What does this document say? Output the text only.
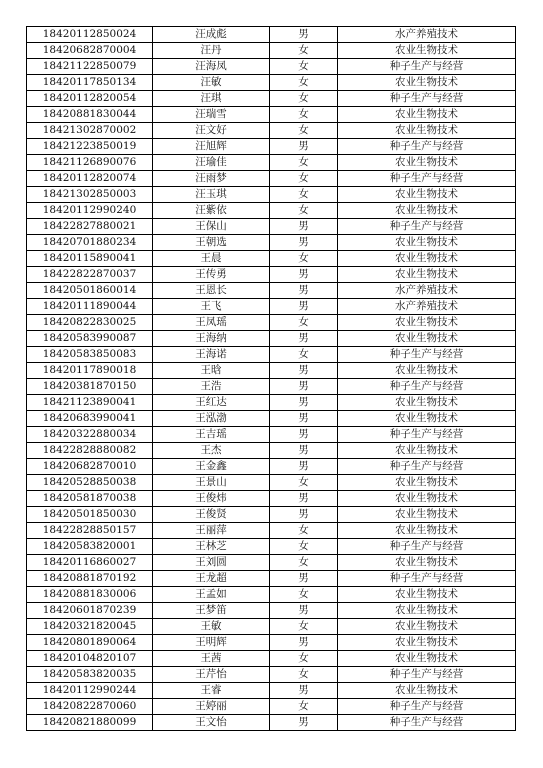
18420112850024	汪成彪	男	水产养殖技术
18420682870004	汪丹	女	农业生物技术
18421122850079	汪海凤	女	种子生产与经营
18420117850134	汪敏	女	农业生物技术
18420112820054	汪琪	女	种子生产与经营
18420881830044	汪瑞雪	女	农业生物技术
18421302870002	汪文好	女	农业生物技术
18421223850019	汪旭辉	男	种子生产与经营
18421126890076	汪瑜佳	女	农业生物技术
18420112820074	汪雨梦	女	种子生产与经营
18421302850003	汪玉琪	女	农业生物技术
18420112990240	汪紫依	女	农业生物技术
18422827880021	王保山	男	种子生产与经营
18420701880234	王朝选	男	农业生物技术
18420115890041	王晨	女	农业生物技术
18422822870037	王传勇	男	农业生物技术
18420501860014	王恩长	男	水产养殖技术
18420111890044	王飞	男	水产养殖技术
18420822830025	王凤瑶	女	农业生物技术
18420583990087	王海纳	男	农业生物技术
18420583850083	王海诺	女	种子生产与经营
18420117890018	王晗	男	农业生物技术
18420381870150	王浩	男	种子生产与经营
18421123890041	王红达	男	农业生物技术
18420683990041	王泓渤	男	农业生物技术
18420322880034	王吉瑶	男	种子生产与经营
18422828880082	王杰	男	农业生物技术
18420682870010	王金鑫	男	种子生产与经营
18420528850038	王景山	女	农业生物技术
18420581870038	王俊炜	男	农业生物技术
18420501850030	王俊贤	男	农业生物技术
18422828850157	王丽萍	女	农业生物技术
18420583820001	王林芝	女	种子生产与经营
18420116860027	王刘圆	女	农业生物技术
18420881870192	王龙超	男	种子生产与经营
18420881830006	王孟如	女	农业生物技术
18420601870239	王梦笛	男	农业生物技术
18420321820045	王敏	女	农业生物技术
18420801890064	王明辉	男	农业生物技术
18420104820107	王茜	女	农业生物技术
18420583820035	王芹怡	女	种子生产与经营
18420112990244	王睿	男	农业生物技术
18420822870060	王婷丽	女	种子生产与经营
18420821880099	王文怡	男	种子生产与经营
